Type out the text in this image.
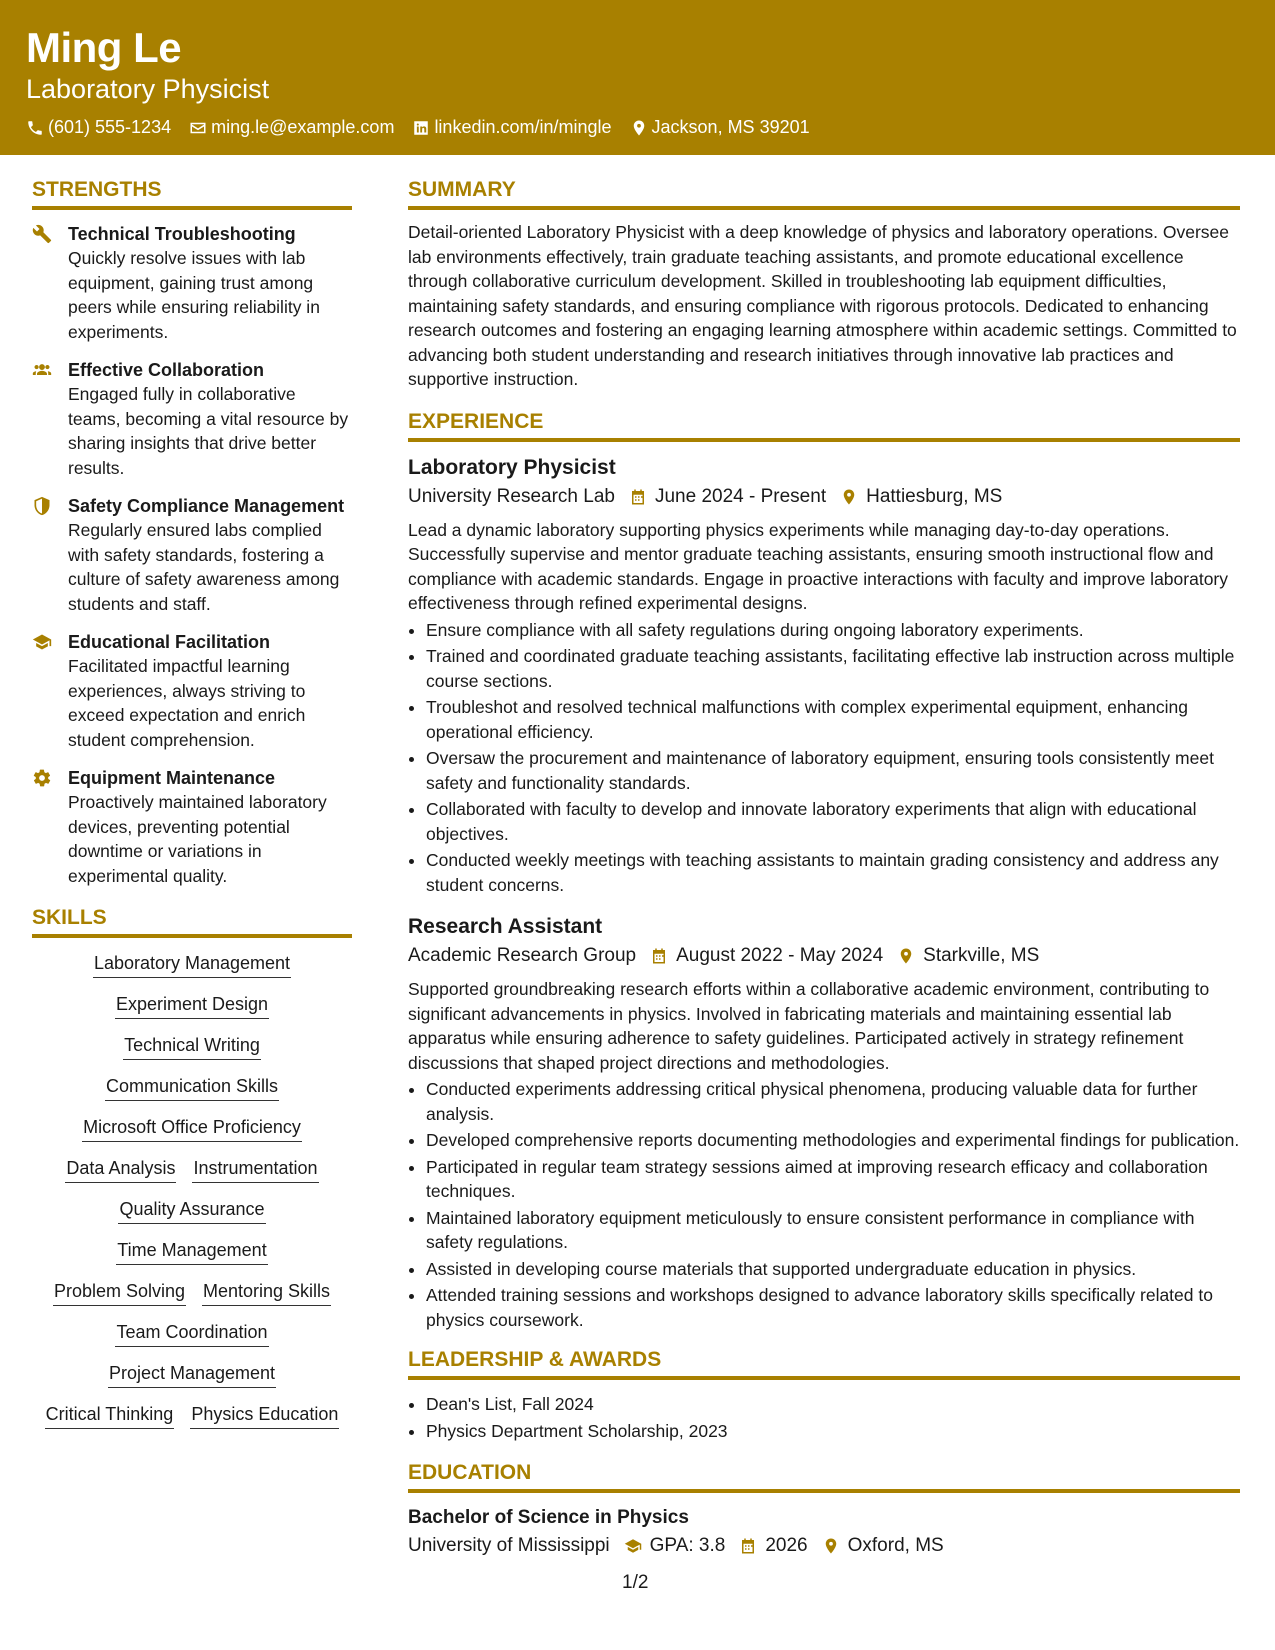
Ming Le
Laboratory Physicist
(601) 555-1234 ming.le@example.com linkedin.com/in/mingle Jackson, MS 39201
STRENGTHS
Technical Troubleshooting
Quickly resolve issues with lab equipment, gaining trust among peers while ensuring reliability in experiments.
Effective Collaboration
Engaged fully in collaborative teams, becoming a vital resource by sharing insights that drive better results.
Safety Compliance Management
Regularly ensured labs complied with safety standards, fostering a culture of safety awareness among students and staff.
Educational Facilitation
Facilitated impactful learning experiences, always striving to exceed expectation and enrich student comprehension.
Equipment Maintenance
Proactively maintained laboratory devices, preventing potential downtime or variations in experimental quality.
SKILLS
Laboratory Management
Experiment Design
Technical Writing
Communication Skills
Microsoft Office Proficiency
Data Analysis Instrumentation
Quality Assurance
Time Management
Problem Solving Mentoring Skills
Team Coordination
Project Management
Critical Thinking Physics Education
SUMMARY
Detail-oriented Laboratory Physicist with a deep knowledge of physics and laboratory operations. Oversee lab environments effectively, train graduate teaching assistants, and promote educational excellence through collaborative curriculum development. Skilled in troubleshooting lab equipment difficulties, maintaining safety standards, and ensuring compliance with rigorous protocols. Dedicated to enhancing research outcomes and fostering an engaging learning atmosphere within academic settings. Committed to advancing both student understanding and research initiatives through innovative lab practices and supportive instruction.
EXPERIENCE
Laboratory Physicist
University Research Lab June 2024 - Present Hattiesburg, MS
Lead a dynamic laboratory supporting physics experiments while managing day-to-day operations. Successfully supervise and mentor graduate teaching assistants, ensuring smooth instructional flow and compliance with academic standards. Engage in proactive interactions with faculty and improve laboratory effectiveness through refined experimental designs.
• Ensure compliance with all safety regulations during ongoing laboratory experiments.
• Trained and coordinated graduate teaching assistants, facilitating effective lab instruction across multiple course sections.
• Troubleshot and resolved technical malfunctions with complex experimental equipment, enhancing operational efficiency.
• Oversaw the procurement and maintenance of laboratory equipment, ensuring tools consistently meet safety and functionality standards.
• Collaborated with faculty to develop and innovate laboratory experiments that align with educational objectives.
• Conducted weekly meetings with teaching assistants to maintain grading consistency and address any student concerns.
Research Assistant
Academic Research Group August 2022 - May 2024 Starkville, MS
Supported groundbreaking research efforts within a collaborative academic environment, contributing to significant advancements in physics. Involved in fabricating materials and maintaining essential lab apparatus while ensuring adherence to safety guidelines. Participated actively in strategy refinement discussions that shaped project directions and methodologies.
• Conducted experiments addressing critical physical phenomena, producing valuable data for further analysis.
• Developed comprehensive reports documenting methodologies and experimental findings for publication.
• Participated in regular team strategy sessions aimed at improving research efficacy and collaboration techniques.
• Maintained laboratory equipment meticulously to ensure consistent performance in compliance with safety regulations.
• Assisted in developing course materials that supported undergraduate education in physics.
• Attended training sessions and workshops designed to advance laboratory skills specifically related to physics coursework.
LEADERSHIP & AWARDS
• Dean's List, Fall 2024
• Physics Department Scholarship, 2023
EDUCATION
Bachelor of Science in Physics
University of Mississippi GPA: 3.8 2026 Oxford, MS
1/2
